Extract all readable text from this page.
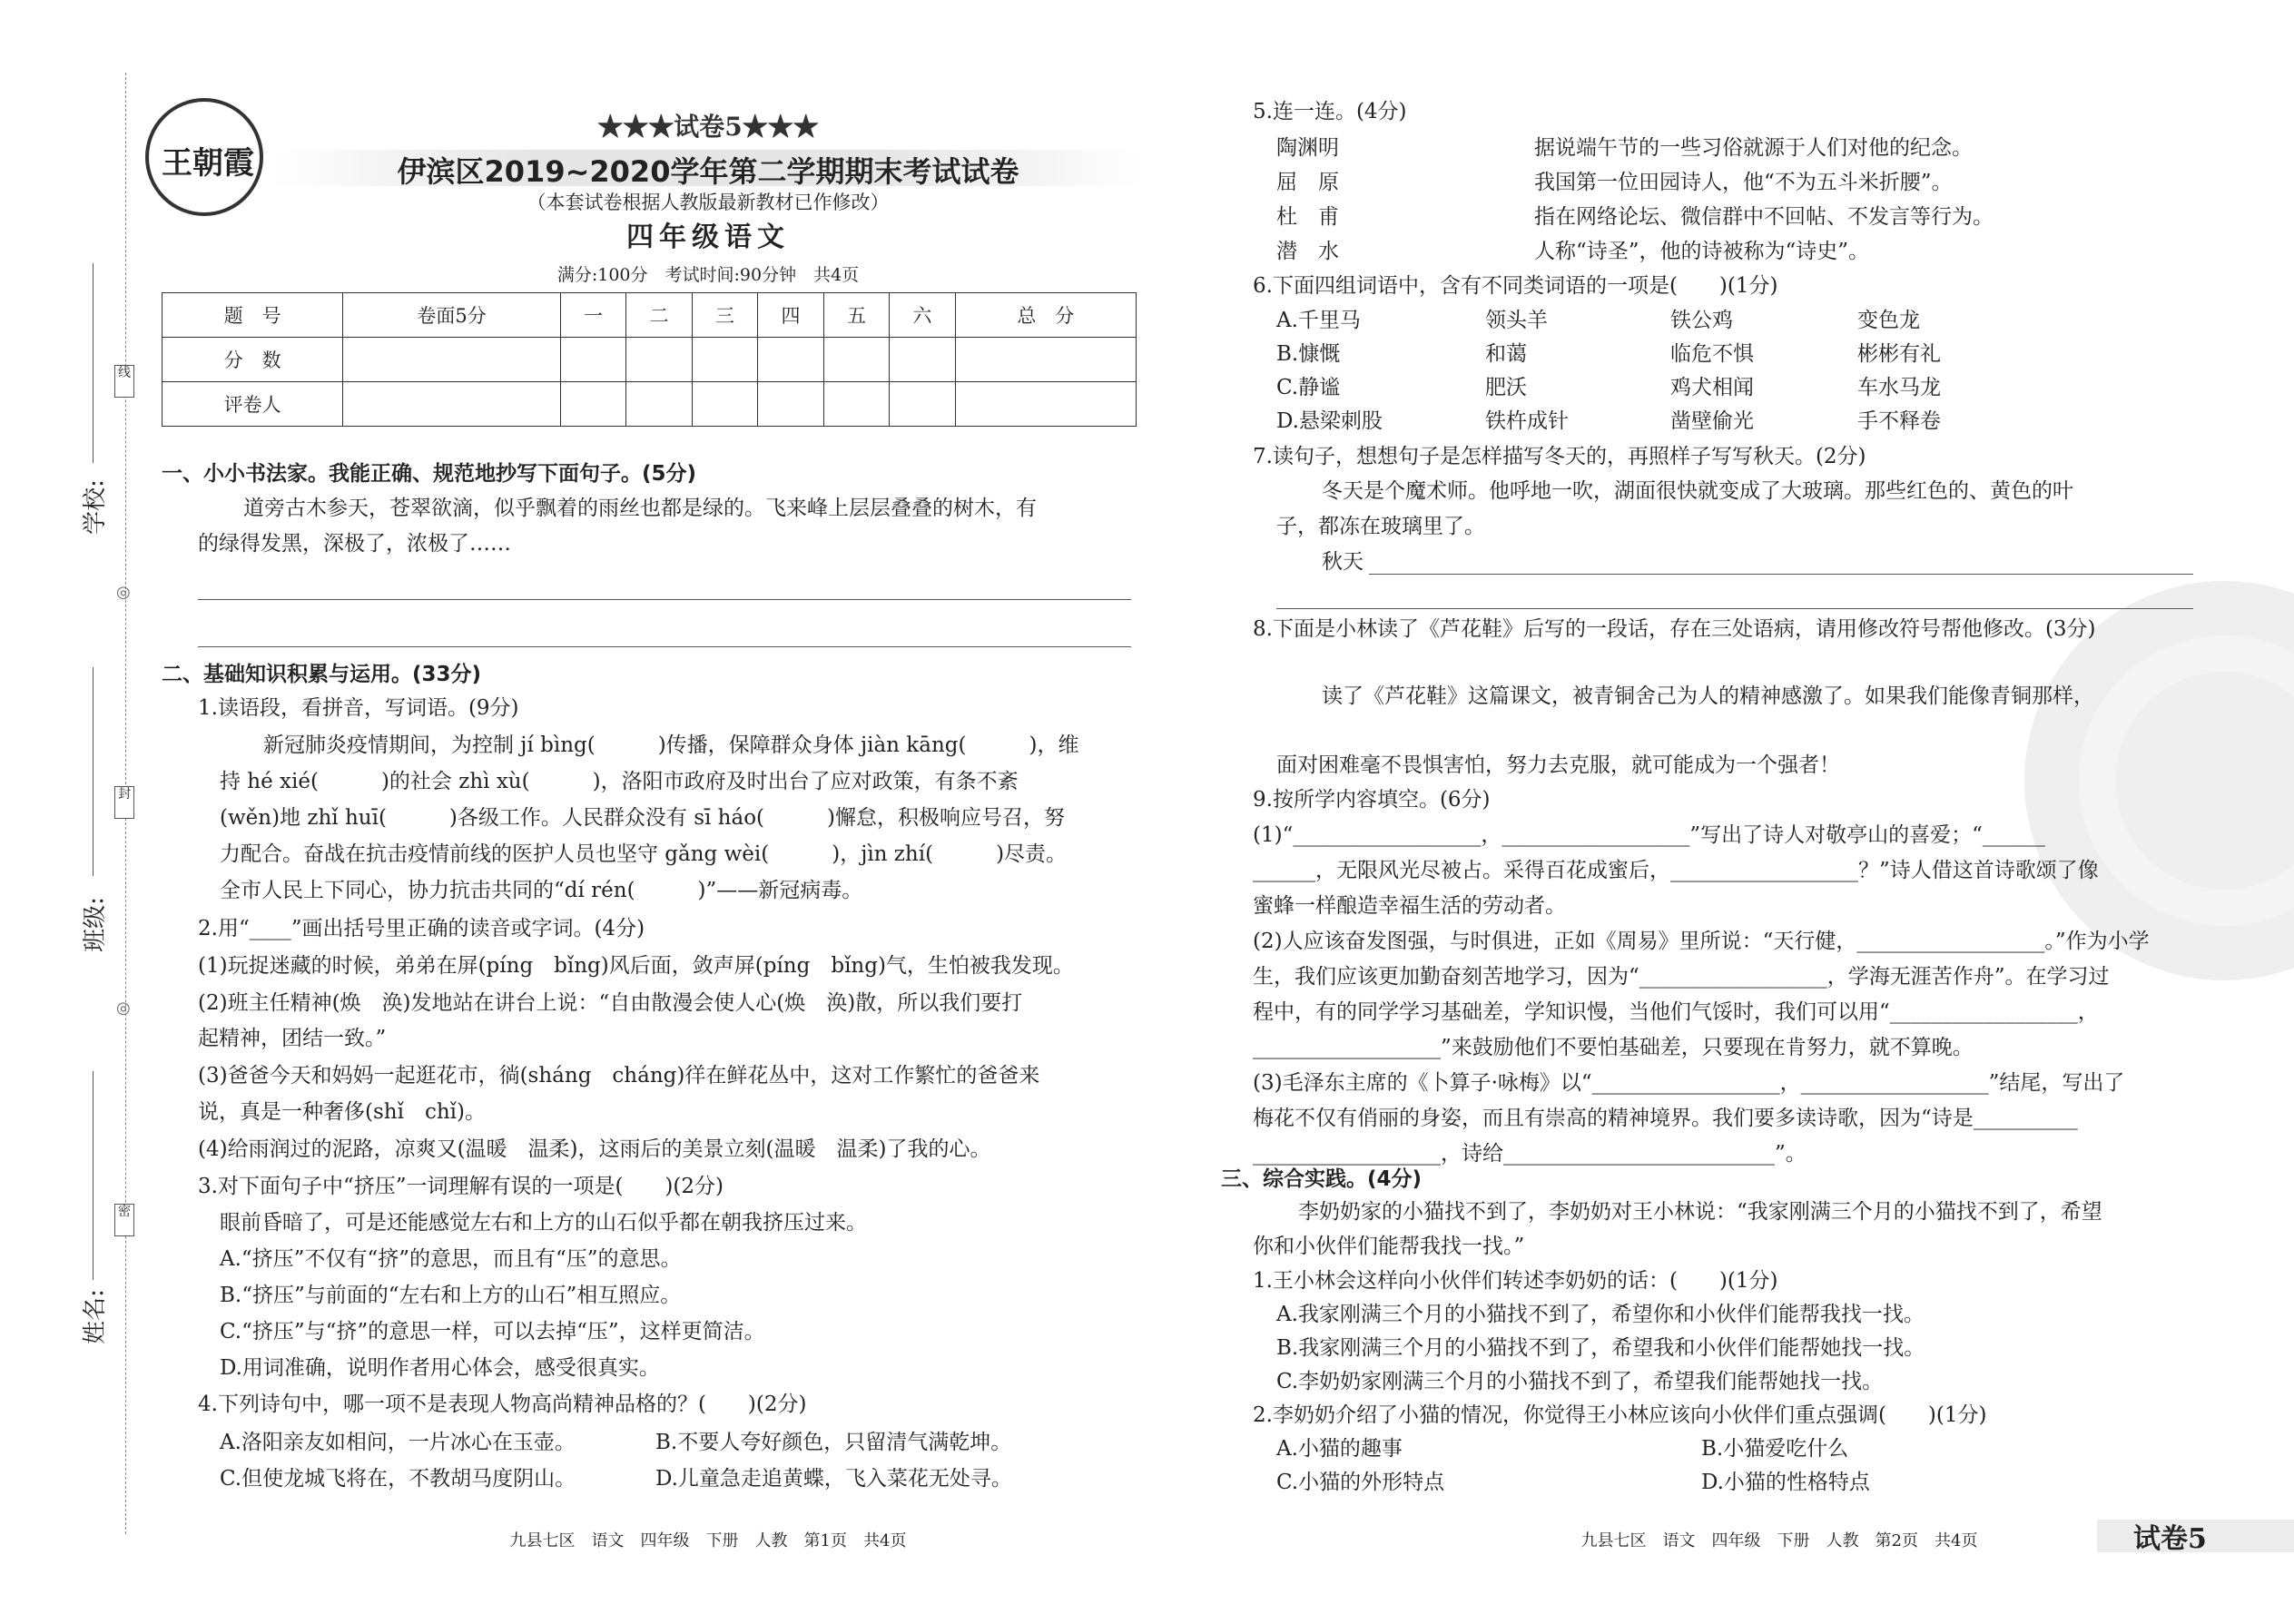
线
封
密
◎
◎
学校:
班级:
姓名:
王朝霞
★★★试卷5★★★
伊滨区2019~2020学年第二学期期末考试试卷
（本套试卷根据人教版最新教材已作修改）
四年级语文
满分:100分　考试时间:90分钟　共4页
题　号	卷面5分	一	二	三	四	五	六	总　分
分　数								
评卷人								
一、小小书法家。我能正确、规范地抄写下面句子。(5分)
道旁古木参天，苍翠欲滴，似乎飘着的雨丝也都是绿的。飞来峰上层层叠叠的树木，有
的绿得发黑，深极了，浓极了……
二、基础知识积累与运用。(33分)
1.读语段，看拼音，写词语。(9分)
新冠肺炎疫情期间，为控制 jí bìng(　　　)传播，保障群众身体 jiàn kāng(　　　)，维
持 hé xié(　　　)的社会 zhì xù(　　　)，洛阳市政府及时出台了应对政策，有条不紊
(wěn)地 zhǐ huī(　　　)各级工作。人民群众没有 sī háo(　　　)懈怠，积极响应号召，努
力配合。奋战在抗击疫情前线的医护人员也坚守 gǎng wèi(　　　)，jìn zhí(　　　)尽责。
全市人民上下同心，协力抗击共同的“dí rén(　　　)”——新冠病毒。
2.用“____”画出括号里正确的读音或字词。(4分)
(1)玩捉迷藏的时候，弟弟在屏(píng　bǐng)风后面，敛声屏(píng　bǐng)气，生怕被我发现。
(2)班主任精神(焕　涣)发地站在讲台上说：“自由散漫会使人心(焕　涣)散，所以我们要打
起精神，团结一致。”
(3)爸爸今天和妈妈一起逛花市，徜(sháng　cháng)徉在鲜花丛中，这对工作繁忙的爸爸来
说，真是一种奢侈(shǐ　chǐ)。
(4)给雨润过的泥路，凉爽又(温暖　温柔)，这雨后的美景立刻(温暖　温柔)了我的心。
3.对下面句子中“挤压”一词理解有误的一项是(　　)(2分)
眼前昏暗了，可是还能感觉左右和上方的山石似乎都在朝我挤压过来。
A.“挤压”不仅有“挤”的意思，而且有“压”的意思。
B.“挤压”与前面的“左右和上方的山石”相互照应。
C.“挤压”与“挤”的意思一样，可以去掉“压”，这样更简洁。
D.用词准确，说明作者用心体会，感受很真实。
4.下列诗句中，哪一项不是表现人物高尚精神品格的？(　　)(2分)
A.洛阳亲友如相问，一片冰心在玉壶。	B.不要人夸好颜色，只留清气满乾坤。
C.但使龙城飞将在，不教胡马度阴山。	D.儿童急走追黄蝶，飞入菜花无处寻。
九县七区　语文　四年级　下册　人教　第1页　共4页
5.连一连。(4分)
陶渊明	据说端午节的一些习俗就源于人们对他的纪念。
屈　原	我国第一位田园诗人，他“不为五斗米折腰”。
杜　甫	指在网络论坛、微信群中不回帖、不发言等行为。
潜　水	人称“诗圣”，他的诗被称为“诗史”。
6.下面四组词语中，含有不同类词语的一项是(　　)(1分)
A.千里马	领头羊	铁公鸡	变色龙
B.慷慨	和蔼	临危不惧	彬彬有礼
C.静谧	肥沃	鸡犬相闻	车水马龙
D.悬梁刺股	铁杵成针	凿壁偷光	手不释卷
7.读句子，想想句子是怎样描写冬天的，再照样子写写秋天。(2分)
冬天是个魔术师。他呼地一吹，湖面很快就变成了大玻璃。那些红色的、黄色的叶
子，都冻在玻璃里了。
秋天
8.下面是小林读了《芦花鞋》后写的一段话，存在三处语病，请用修改符号帮他修改。(3分)
读了《芦花鞋》这篇课文，被青铜舍己为人的精神感激了。如果我们能像青铜那样，
面对困难毫不畏惧害怕，努力去克服，就可能成为一个强者！
9.按所学内容填空。(6分)
(1)“__________________，__________________”写出了诗人对敬亭山的喜爱；“______
______，无限风光尽被占。采得百花成蜜后，__________________？”诗人借这首诗歌颂了像
蜜蜂一样酿造幸福生活的劳动者。
(2)人应该奋发图强，与时俱进，正如《周易》里所说：“天行健，__________________。”作为小学
生，我们应该更加勤奋刻苦地学习，因为“__________________，学海无涯苦作舟”。在学习过
程中，有的同学学习基础差，学知识慢，当他们气馁时，我们可以用“__________________，
__________________”来鼓励他们不要怕基础差，只要现在肯努力，就不算晚。
(3)毛泽东主席的《卜算子·咏梅》以“__________________，__________________”结尾，写出了
梅花不仅有俏丽的身姿，而且有崇高的精神境界。我们要多读诗歌，因为“诗是__________
__________________，诗给__________________________”。
三、综合实践。(4分)
李奶奶家的小猫找不到了，李奶奶对王小林说：“我家刚满三个月的小猫找不到了，希望
你和小伙伴们能帮我找一找。”
1.王小林会这样向小伙伴们转述李奶奶的话：(　　)(1分)
A.我家刚满三个月的小猫找不到了，希望你和小伙伴们能帮我找一找。
B.我家刚满三个月的小猫找不到了，希望我和小伙伴们能帮她找一找。
C.李奶奶家刚满三个月的小猫找不到了，希望我们能帮她找一找。
2.李奶奶介绍了小猫的情况，你觉得王小林应该向小伙伴们重点强调(　　)(1分)
A.小猫的趣事	B.小猫爱吃什么
C.小猫的外形特点	D.小猫的性格特点
九县七区　语文　四年级　下册　人教　第2页　共4页	试卷5
